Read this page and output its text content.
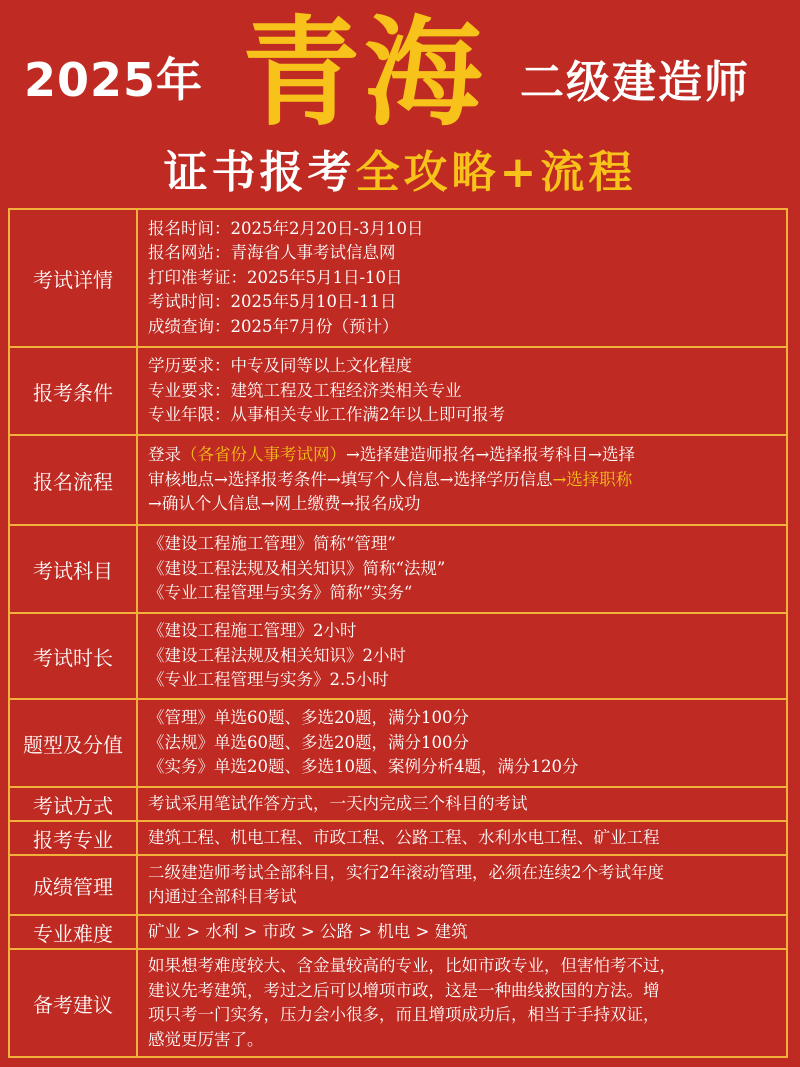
2025年 青海 二级建造师
证书报考全攻略+流程
考试详情	报名时间：2025年2月20日-3月10日
报名网站：青海省人事考试信息网
打印准考证：2025年5月1日-10日
考试时间：2025年5月10日-11日
成绩查询：2025年7月份（预计）

报考条件	学历要求：中专及同等以上文化程度
专业要求：建筑工程及工程经济类相关专业
专业年限：从事相关专业工作满2年以上即可报考

报名流程	登录（各省份人事考试网）→选择建造师报名→选择报考科目→选择
审核地点→选择报考条件→填写个人信息→选择学历信息→选择职称
→确认个人信息→网上缴费→报名成功

考试科目	《建设工程施工管理》简称“管理”
《建设工程法规及相关知识》简称“法规”
《专业工程管理与实务》简称”实务“

考试时长	《建设工程施工管理》2小时
《建设工程法规及相关知识》2小时
《专业工程管理与实务》2.5小时

题型及分值	《管理》单选60题、多选20题，满分100分
《法规》单选60题、多选20题，满分100分
《实务》单选20题、多选10题、案例分析4题，满分120分

考试方式	考试采用笔试作答方式，一天内完成三个科目的考试
报考专业	建筑工程、机电工程、市政工程、公路工程、水利水电工程、矿业工程
成绩管理	二级建造师考试全部科目，实行2年滚动管理，必须在连续2个考试年度
内通过全部科目考试

专业难度	矿业 > 水利 > 市政 > 公路 > 机电 > 建筑
备考建议	如果想考难度较大、含金量较高的专业，比如市政专业，但害怕考不过，
建议先考建筑，考过之后可以增项市政，这是一种曲线救国的方法。增
项只考一门实务，压力会小很多，而且增项成功后，相当于手持双证，
感觉更厉害了。
